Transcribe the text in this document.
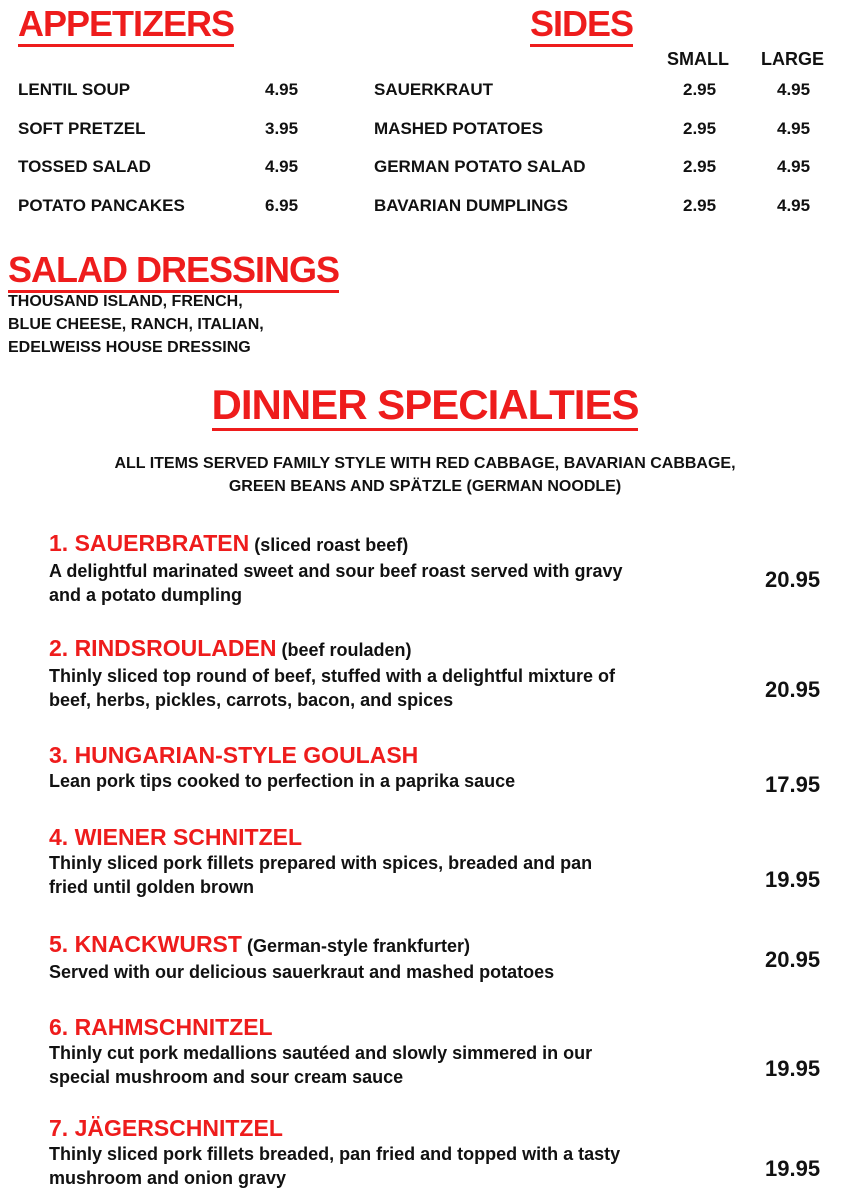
APPETIZERS
LENTIL SOUP	4.95
SOFT PRETZEL	3.95
TOSSED SALAD	4.95
POTATO PANCAKES	6.95
SIDES
SMALL LARGE
SAUERKRAUT	2.95	4.95
MASHED POTATOES	2.95	4.95
GERMAN POTATO SALAD	2.95	4.95
BAVARIAN DUMPLINGS	2.95	4.95
SALAD DRESSINGS
THOUSAND ISLAND, FRENCH,
BLUE CHEESE, RANCH, ITALIAN,
EDELWEISS HOUSE DRESSING
DINNER SPECIALTIES
ALL ITEMS SERVED FAMILY STYLE WITH RED CABBAGE, BAVARIAN CABBAGE,
GREEN BEANS AND SPÄTZLE (GERMAN NOODLE)
1. SAUERBRATEN (sliced roast beef)
A delightful marinated sweet and sour beef roast served with gravy
and a potato dumpling
20.95
2. RINDSROULADEN (beef rouladen)
Thinly sliced top round of beef, stuffed with a delightful mixture of
beef, herbs, pickles, carrots, bacon, and spices	20.95
3. HUNGARIAN-STYLE GOULASH
Lean pork tips cooked to perfection in a paprika sauce	17.95
4. WIENER SCHNITZEL
Thinly sliced pork fillets prepared with spices, breaded and pan
fried until golden brown	19.95
5. KNACKWURST (German-style frankfurter)
Served with our delicious sauerkraut and mashed potatoes	20.95
6. RAHMSCHNITZEL
Thinly cut pork medallions sautéed and slowly simmered in our
special mushroom and sour cream sauce	19.95
7. JÄGERSCHNITZEL
Thinly sliced pork fillets breaded, pan fried and topped with a tasty
mushroom and onion gravy	19.95
